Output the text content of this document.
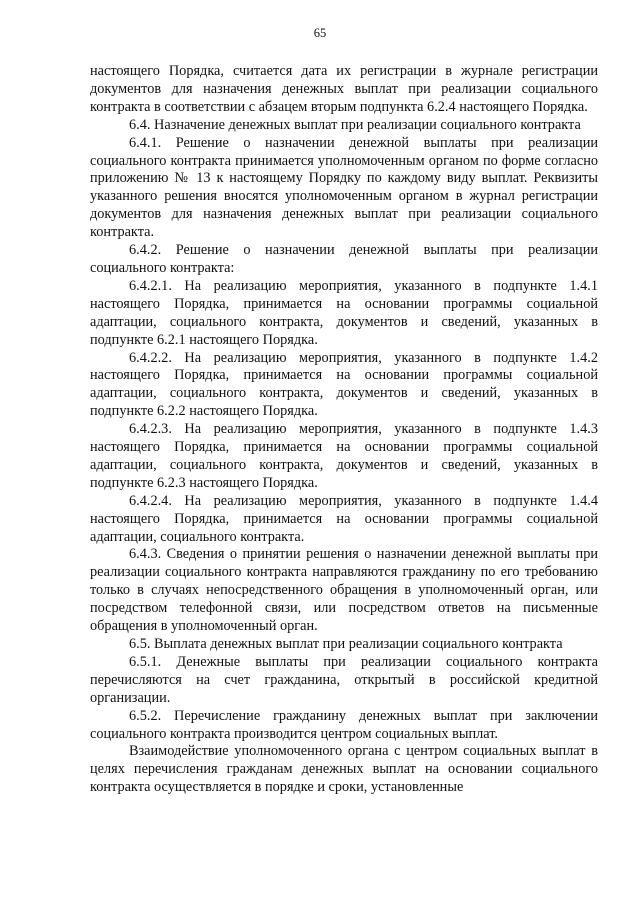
65

настоящего Порядка, считается дата их регистрации в журнале регистрации документов для назначения денежных выплат при реализации социального контракта в соответствии с абзацем вторым подпункта 6.2.4 настоящего Порядка.

6.4. Назначение денежных выплат при реализации социального контракта

6.4.1. Решение о назначении денежной выплаты при реализации социального контракта принимается уполномоченным органом по форме согласно приложению № 13 к настоящему Порядку по каждому виду выплат. Реквизиты указанного решения вносятся уполномоченным органом в журнал регистрации документов для назначения денежных выплат при реализации социального контракта.

6.4.2. Решение о назначении денежной выплаты при реализации социального контракта:

6.4.2.1. На реализацию мероприятия, указанного в подпункте 1.4.1 настоящего Порядка, принимается на основании программы социальной адаптации, социального контракта, документов и сведений, указанных в подпункте 6.2.1 настоящего Порядка.

6.4.2.2. На реализацию мероприятия, указанного в подпункте 1.4.2 настоящего Порядка, принимается на основании программы социальной адаптации, социального контракта, документов и сведений, указанных в подпункте 6.2.2 настоящего Порядка.

6.4.2.3. На реализацию мероприятия, указанного в подпункте 1.4.3 настоящего Порядка, принимается на основании программы социальной адаптации, социального контракта, документов и сведений, указанных в подпункте 6.2.3 настоящего Порядка.

6.4.2.4. На реализацию мероприятия, указанного в подпункте 1.4.4 настоящего Порядка, принимается на основании программы социальной адаптации, социального контракта.

6.4.3. Сведения о принятии решения о назначении денежной выплаты при реализации социального контракта направляются гражданину по его требованию только в случаях непосредственного обращения в уполномоченный орган, или посредством телефонной связи, или посредством ответов на письменные обращения в уполномоченный орган.

6.5. Выплата денежных выплат при реализации социального контракта

6.5.1. Денежные выплаты при реализации социального контракта перечисляются на счет гражданина, открытый в российской кредитной организации.

6.5.2. Перечисление гражданину денежных выплат при заключении социального контракта производится центром социальных выплат.

Взаимодействие уполномоченного органа с центром социальных выплат в целях перечисления гражданам денежных выплат на основании социального контракта осуществляется в порядке и сроки, установленные
